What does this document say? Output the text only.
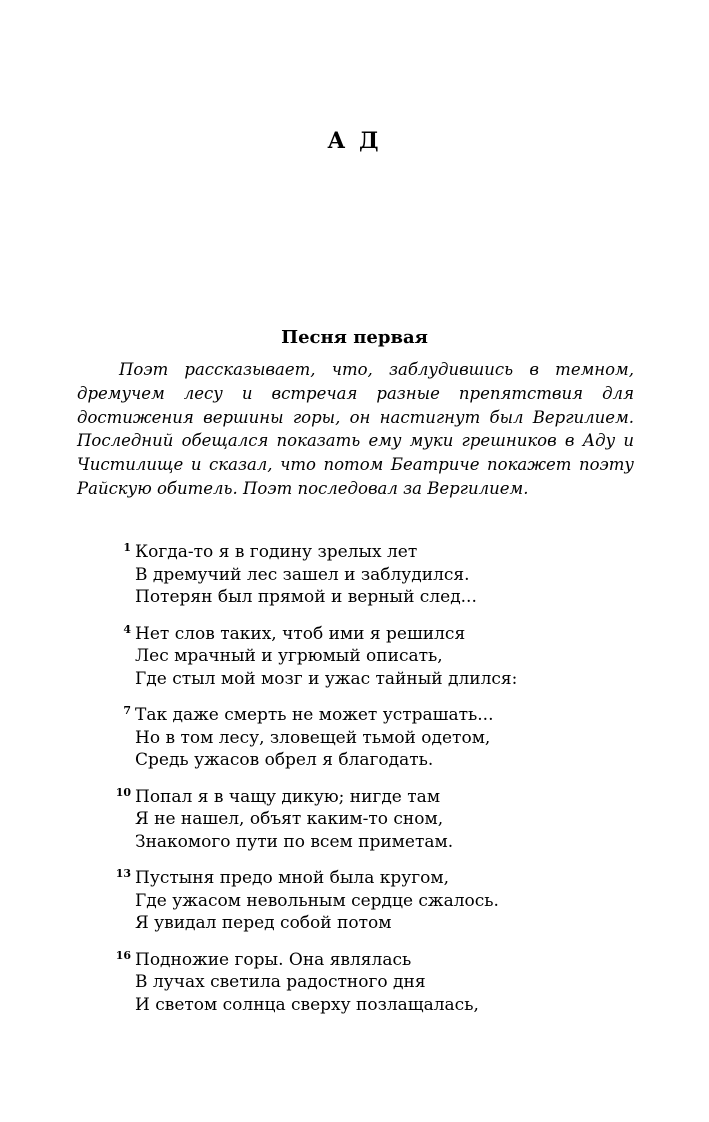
А Д
Песня первая

Поэт рассказывает, что, заблудившись в темном, дремучем лесу и встречая разные препятствия для достижения вершины горы, он настигнут был Вергилием. Последний обещался показать ему муки грешников в Аду и Чистилище и сказал, что потом Беатриче покажет поэту Райскую обитель. Поэт последовал за Вергилием.

1 Когда-то я в годину зрелых лет
В дремучий лес зашел и заблудился.
Потерян был прямой и верный след...
4 Нет слов таких, чтоб ими я решился
Лес мрачный и угрюмый описать,
Где стыл мой мозг и ужас тайный длился:
7 Так даже смерть не может устрашать...
Но в том лесу, зловещей тьмой одетом,
Средь ужасов обрел я благодать.
10 Попал я в чащу дикую; нигде там
Я не нашел, объят каким-то сном,
Знакомого пути по всем приметам.
13 Пустыня предо мной была кругом,
Где ужасом невольным сердце сжалось.
Я увидал перед собой потом
16 Подножие горы. Она являлась
В лучах светила радостного дня
И светом солнца сверху позлащалась,
